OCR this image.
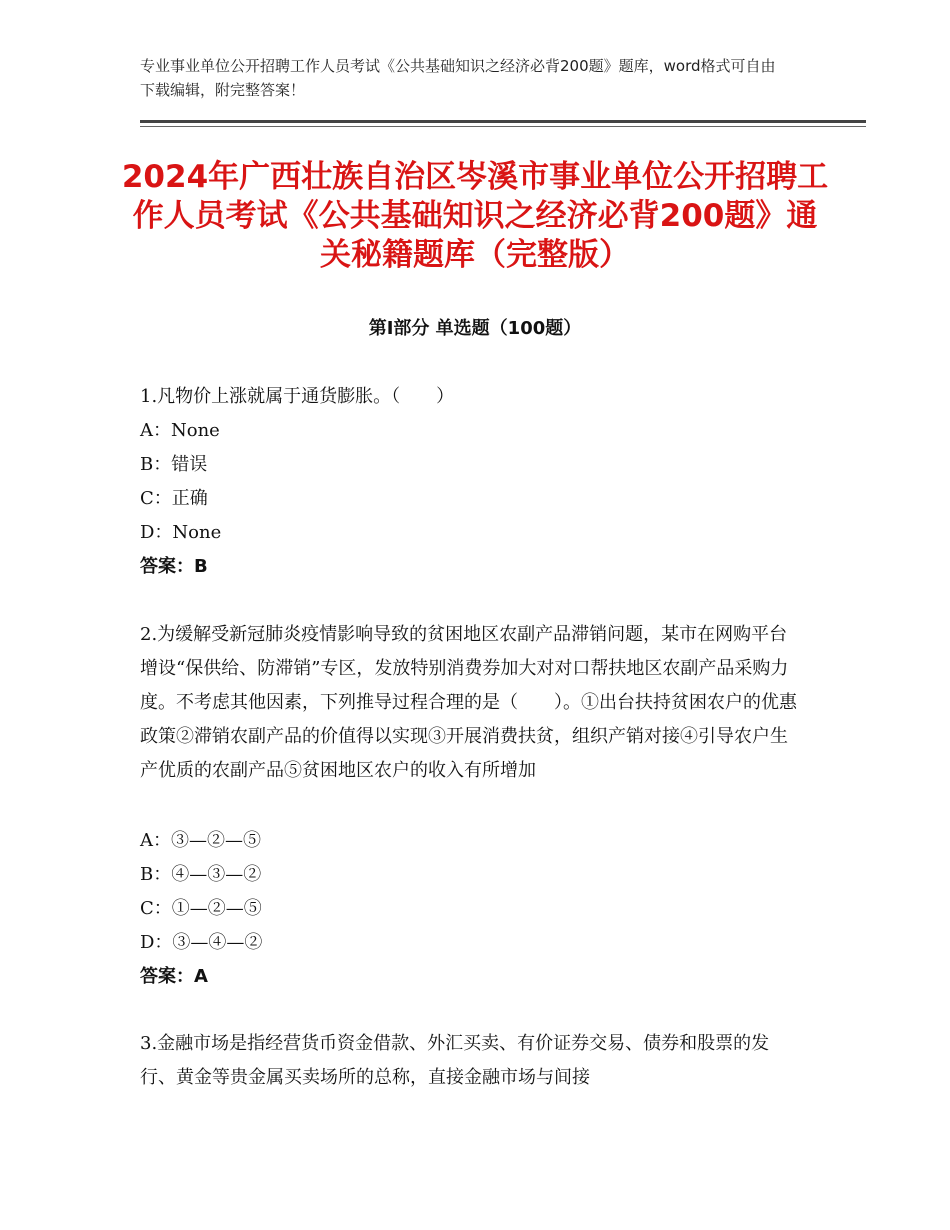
专业事业单位公开招聘工作人员考试《公共基础知识之经济必背200题》题库，word格式可自由下载编辑，附完整答案！
2024年广西壮族自治区岑溪市事业单位公开招聘工作人员考试《公共基础知识之经济必背200题》通关秘籍题库（完整版）
第Ⅰ部分 单选题（100题）

1.凡物价上涨就属于通货膨胀。（　　）

A：None
B：错误
C：正确
D：None
答案：B

2.为缓解受新冠肺炎疫情影响导致的贫困地区农副产品滞销问题，某市在网购平台增设“保供给、防滞销”专区，发放特别消费券加大对对口帮扶地区农副产品采购力度。不考虑其他因素，下列推导过程合理的是（　　）。①出台扶持贫困农户的优惠政策②滞销农副产品的价值得以实现③开展消费扶贫，组织产销对接④引导农户生产优质的农副产品⑤贫困地区农户的收入有所增加

A：③—②—⑤
B：④—③—②
C：①—②—⑤
D：③—④—②
答案：A

3.金融市场是指经营货币资金借款、外汇买卖、有价证券交易、债券和股票的发行、黄金等贵金属买卖场所的总称，直接金融市场与间接
